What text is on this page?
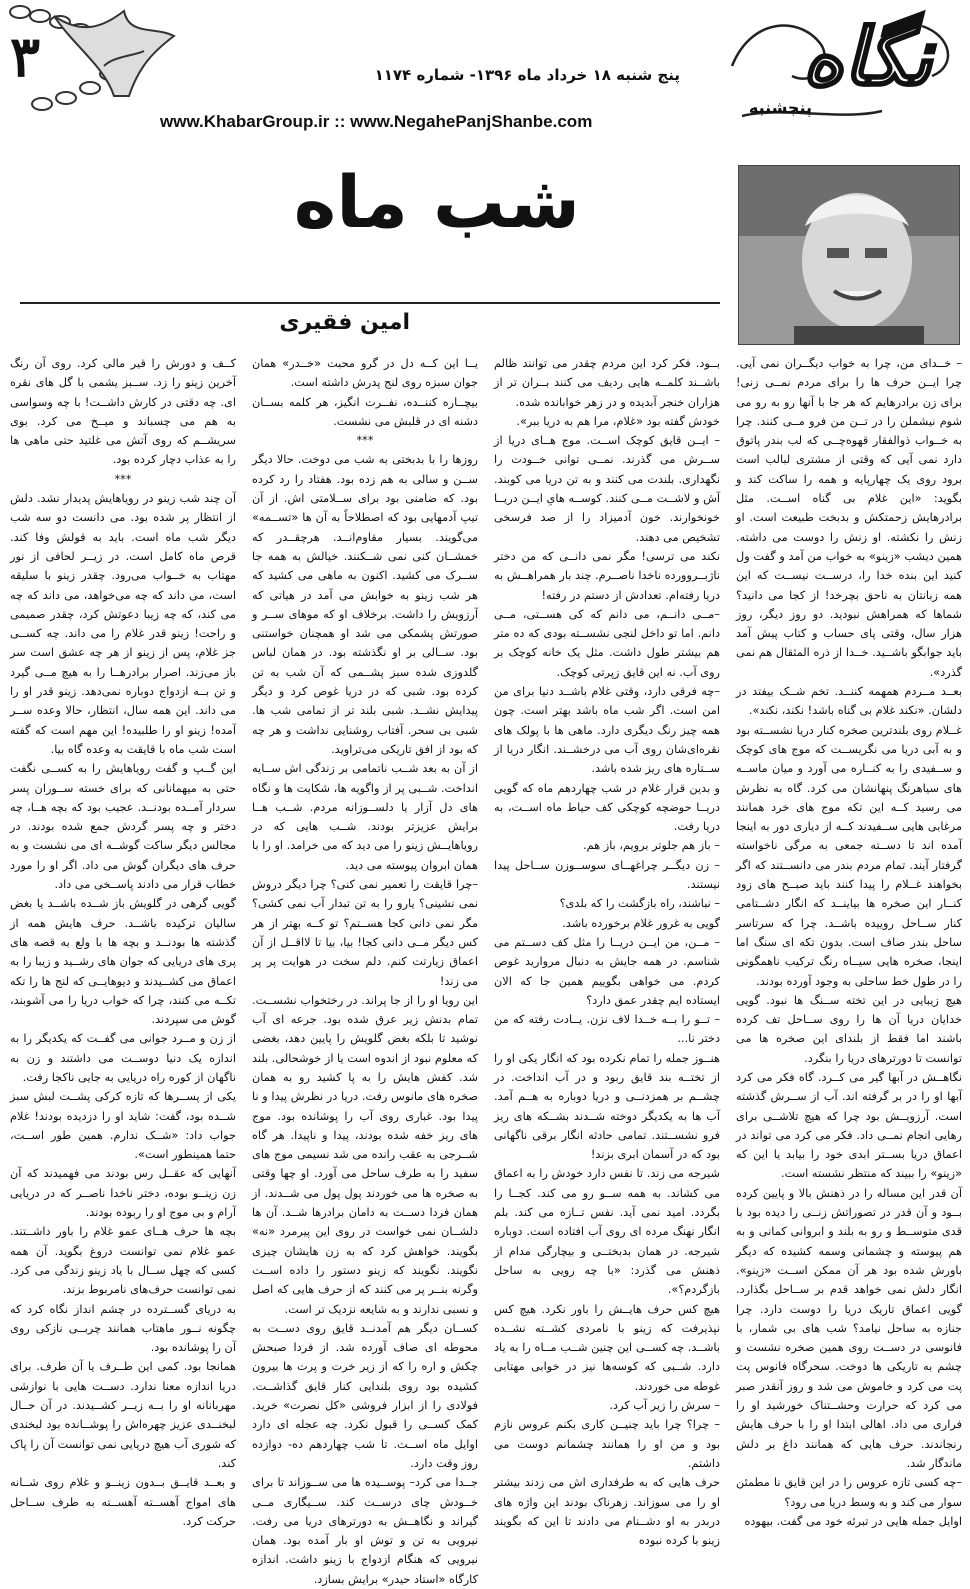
نگاه
پنجشنبه
پنج شنبه ۱۸ خرداد ماه ۱۳۹۶- شماره ۱۱۷۴
www.KhabarGroup.ir :: www.NegahePanjShanbe.com
۳
شب ماه
امین فقیری

– خــدای من، چرا به خواب دیگــران نمی آیی. چرا ایــن حرف ها را برای مردم نمــی زنی! برای زن برادرهایم که هر جا با آنها رو به رو می شوم نیشملن را در تــن من فرو مــی کنند. چرا به خــواب ذوالفقار قهوه‌چــی که لب بندر پاتوق دارد نمی آیی که وقتی از مشتری لبالب است برود روی یک چهارپایه و همه را ساکت کند و بگوید: «این غلام بی گناه اســت. مثل برادرهایش زحمتکش و بدبخت طبیعت است. او زنش را نکشته. او زنش را دوست می داشته. همین دیشب «زینو» به خواب من آمد و گفت ول کنید این بنده خدا را، درســت نیســت که این همه زبانتان به ناحق بچرخد! از کجا می دانید؟ شماها که همراهش نبودید. دو روز دیگر، روز هزار سال، وقتی پای حساب و کتاب پیش آمد باید جوابگو باشــید. خــدا از ذره المثقال هم نمی گذرد».

بعــد مــردم همهمه کننــد. تخم شــک بیفتد در دلشان. «نکند غلام بی گناه باشد! نکند، نکند».

غــلام روی بلندترین صخره کنار دریا نشســته بود و به آبی دریا می نگریســت که موج های کوچک و ســفیدی را به کنــاره می آورد و میان ماســه های سیاهرنگ پنهانشان می کرد. گاه به نظرش می رسید کــه این تکه موج های خرد همانند مرغابی هایی ســفیدند کــه از دیاری دور به اینجا آمده اند تا دســته جمعی به مرگی ناخواسته گرفتار آیند. تمام مردم بندر می دانســتند که اگر بخواهند غــلام را پیدا کنند باید صبــح های زود کنــار این صخره ها بیاینــد که انگار دشــتامی کنار ســاحل روییده باشــد. چرا که سرتاسر ساحل بندر صاف است. بدون تکه ای سنگ اما اینجا، صخره هایی سیــاه رنگ ترکیب ناهمگونی را در طول خط ساحلی به وجود آورده بودند.

هیچ زیبایی در این تخته ســنگ ها نبود. گویی خدایان دریا آن ها را روی ســاحل تف کرده باشند اما فقط از بلندای این صخره ها می توانست تا دورترهای دریا را بنگرد.

نگاهــش در آبها گیر می کــرد. گاه فکر می کرد آبها او را در بر گرفته اند. آب از ســرش گذشته است. آرزویــش بود چرا که هیچ تلاشــی برای رهایی انجام نمــی داد. فکر می کرد می تواند در اعماق دریا بســتر ابدی خود را بیابد یا این که «زینو» را ببیند که منتظر نشسته است.

آن قدر این مساله را در ذهنش بالا و پایین کرده بــود و آن قدر در تصوراتش زنــی را دیده بود با قدی متوســط و رو به بلند و ابروانی کمانی و به هم پیوسته و چشمانی وسمه کشیده که دیگر باورش شده بود هر آن ممکن اســت «زینو». انگار دلش نمی خواهد قدم بر ســاحل بگذارد. گویی اعماق تاریک دریا را دوست دارد. چرا جنازه به ساحل نیامد؟ شب های بی شمار، با فانوسی در دســت روی همین صخره نشست و چشم به تاریکی ها دوخت. سحرگاه فانوس پت پت می کرد و خاموش می شد و روز آنقدر صبر می کرد که حرارت وحشــتناک خورشید او را فراری می داد. اهالی ابتدا او را با حرف هایش رنجاندند. حرف هایی که همانند داغ بر دلش ماندگار شد.

–چه کسی تازه عروس را در این قایق نا مطمئن سوار می کند و به وسط دریا می رود؟

اوایل جمله هایی در تبرئه خود می گفت. بیهوده

بــود. فکر کرد این مردم چقدر می توانند ظالم باشــند کلمــه هایی ردیف می کنند بــران تر از هزاران خنجر آبدیده و در زهر خوابانده شده.

خودش گفته بود «غلام، مرا هم به دریا ببر».

– ایــن قایق کوچک اســت. موج هــای دریا از ســرش می گذرند. نمــی توانی خــودت را نگهداری. بلندت می کنند و به تن دریا می کوبند. آش و لاشــت مــی کنند. کوســه هایِ ایــن دریــا خونخوارند. خون آدمیزاد را از صد فرسخی تشخیص می دهند.

نکند می ترسی! مگر نمی دانــی که من دختر ناژبــروورده ناخدا ناصــرم. چند بار همراهــش به دریا رفته‌ام. تعدادش از دستم در رفته!

–مــی دانــم، می دانم که کی هســتی، مــی دانم. اما تو داخل لنجی نشســته بودی که ده متر هم بیشتر طول داشت. مثل یک خانه کوچک بر روی آب. نه این قایق زپرتی کوچک.

–چه فرقی دارد، وقتی غلام باشــد دنیا برای من امن است. اگر شب ماه باشد بهتر است. چون همه چیز رنگ دیگری دارد. ماهی ها با پولک های نقره‌ای‌شان روی آب می درخشــند. انگار دریا از ســتاره های ریز شده باشد.

و بدین قرار غلام در شب چهاردهم ماه که گویی دریــا حوضچه کوچکی کف حیاط ماه اســت، به دریا رفت.

– باز هم جلوتر برویم، باز هم.

– زن دیگــر چراغهــای سوســوزن ســاحل پیدا نیستند.

– نباشند، راه بازگشت را که بلدی؟

گویی به غرور غلام برخورده باشد.

– مــن، من ایــن دریــا را مثل کف دســتم می شناسم. در همه جایش به دنبال مروارید غوص کردم. می خواهی بگوییم همین جا که الان ایستاده ایم چقدر عمق دارد؟

– تــو را بــه خــدا لاف نزن. یــادت رفته که من دختر نا...

هنــوز جمله را تمام نکرده بود که انگار یکی او را از تختــه بند قایق ربود و در آب انداخت. در چشــم بر همزدنــی و دریا دوباره به هــم آمد. آب ها به یکدیگر دوخته شــدند بشــکه های ریز فرو نشســتند. تمامی حادثه انگار برقی ناگهانی بود که در آسمان ابری بزند!

شیرجه می زند. تا نفس دارد خودش را به اعماق می کشاند. به همه ســو رو می کند. کجــا را بگردد. امید نمی آید. نفس تــازه می کند. بلم انگار نهنگ مرده ای روی آب افتاده است. دوباره شیرجه. در همان بدبختــی و بیچارگی مدام از ذهنش می گذرد: «با چه رویی به ساحل بازگردم؟».

هیچ کس حرف هایــش را باور نکرد. هیچ کس نپذیرفت که زینو با نامردی کشــته نشــده باشــد. چه کســی این چنین شــب مــاه را به یاد دارد. شــبی که کوسه‌ها نیز در خوابی مهتابی غوطه می خوردند.

– سرش را زیر آب کرد.

– چرا؟ چرا باید چنیــن کاری بکنم عروس نازم بود و من او را همانند چشمانم دوست می داشتم.

حرف هایی که به طرفداری اش می زدند بیشتر او را می سوزاند. زهرناک بودند این واژه های دربدر به او دشــنام می دادند تا این که بگویند زینو با کرده نبوده

یــا این کــه دل در گرو محبت «خــدر» همان جوان سبزه روی لنج پدرش داشته است.

بیچــاره کننــده، نفــرت انگیز، هر کلمه بســان دشنه ای در قلبش می نشست.

***

روزها را با بدبختی به شب می دوخت. حالا دیگر ســن و سالی به هم زده بود. هفتاد را رد کرده بود. که ضامنی بود برای ســلامتی اش. از آن تیپ آدمهایی بود که اصطلاحاً به آن ها «تســمه» می‌گویند. بسیار مقاوم‌انــد. هرچقــدر که خمشــان کنی نمی شــکنند. خیالش به همه جا ســرک می کشید. اکنون به ماهی می کشید که هر شب زینو به خوابش می آمد در هیاتی که آرزویش را داشت. برخلاف او که موهای ســر و صورتش پشمکی می شد او همچنان خواستنی بود. ســالی بر او نگذشته بود. در همان لباس گلدوزی شده سبز پشــمی که آن شب به تن کرده بود. شبی که در دریا غوص کرد و دیگر پیدایش نشــد. شبی بلند تر از تمامی شب ها. شبی بی سحر. آفتاب روشنایی نداشت و هر چه که بود از افق تاریکی می‌تراوید.

از آن به بعد شــب ناتمامی بر زندگی اش ســایه انداخت. شــبی پر از واگویه ها، شکایت ها و نگاه های دل آزار یا دلســوزانه مردم. شــب هــا برایش عزیزتر بودند. شــب هایی که در رویاهایــش زینو را می دید که می خرامد. او را با همان ابروان پیوسته می دید.

–چرا قایقت را تعمیر نمی کنی؟ چرا دیگر دروش نمی نشینی؟ یارو را به تن تبدار آب نمی کشی؟ مگر نمی دانی کجا هســتم؟ تو کــه بهتر از هر کس دیگر مــی دانی کجا! بیا، بیا تا لااقــل از آن اعماق زیارتت کنم. دلم سخت در هوایت پر پر می زند!

این رویا او را از جا پراند. در رختخواب نشســت. تمام بدنش زیر عرق شده بود. جرعه ای آب نوشید تا بلکه بغض گلویش را پایین دهد، بغضی که معلوم نبود از اندوه است یا از خوشحالی. بلند شد. کفش هایش را به پا کشید رو به همان صخره های مانوس رفت. دریا در نظرش پیدا و نا پیدا بود. غباری روی آب را پوشانده بود. موج های ریز خفه شده بودند، پیدا و ناپیدا. هر گاه شــرجی به عقب رانده می شد نسیمی موج های سفید را به طرف ساحل می آورد. او چها وقتی به صخره ها می خوردند پول پول می شــدند. از همان فردا دســت به دامان برادرها شــد. آن ها دلشــان نمی خواست در روی این پیرمرد «نه» بگویند. خواهش کرد که به زن هایشان چیزی نگویند. نگویند که زینو دستور را داده اســت وگرنه بنــر پر می کنند که از حرف هایی که اصل و نسبی ندارند و به شایعه نزدیک تر است.

کســان دیگر هم آمدنــد قایق روی دســت به محوطه ای صاف آورده شد. از فردا صبحش چکش و اره را که از زیر خرت و پرت ها بیرون کشیده بود روی بلندایی کنار قایق گذاشــت. فولادی را از ابزار فروشی «کل نصرت» خرید. کمک کســی را قبول نکرد. چه عجله ای دارد اوایل ماه اســت. تا شب چهاردهم ده- دوازده روز وقت دارد.

جــدا می کرد– پوســیده ها می ســوزاند تا برای خــودش چای درســت کند. ســیگاری مــی گیراند و نگاهــش به دورترهای دریا می رفت. نیرویی به تن و توش او بار آمده بود. همان نیرویی که هنگام ازدواج با زینو داشت. اندازه کارگاه «استاد حیدر» برایش بسازد.

کــف و دورش را قیر مالی کرد. روی آن رنگ آخرین زینو را زد. ســبز یشمی با گل های نقره ای. چه دقتی در کارش داشــت! با چه وسواسی به هم می چسباند و میــخ می کرد. بوی سریشــم که روی آتش می غلتید حتی ماهی ها را به عذاب دچار کرده بود.

***

آن چند شب زینو در رویاهایش پدیدار نشد. دلش از انتظار پر شده بود. می دانست دو سه شب دیگر شب ماه است. باید به قولش وفا کند. قرص ماه کامل است. در زیــر لحافی از نور مهتاب به خــواب می‌رود. چقدر زینو با سلیقه است، می داند که چه می‌خواهد، می داند که چه می کند، که چه زیبا دعوتش کرد، چقدر صمیمی و راحت! زینو قدر غلام را می داند. چه کســی جز غلام، پس از زینو از هر چه عشق است سر باز می‌زند. اصرار برادرهــا را به هیچ مــی گیرد و تن بــه ازدواج دوباره نمی‌دهد. زینو قدر او را می داند. این همه سال، انتظار، حالا وعده ســر آمده! زینو او را طلبیده! این مهم است که گفته است شب ماه با قایقت به وعده گاه بیا.

این گــپ و گفت رویاهایش را به کســی نگفت حتی به میهمانانی که برای خسته ســوران پسر سردار آمــده بودنــد. عجیب بود که بچه هــا، چه دختر و چه پسر گردش جمع شده بودند. در مجالس دیگر ساکت گوشــه ای می نشست و به حرف های دیگران گوش می داد. اگر او را مورد خطاب قرار می دادند پاســخی می داد.

گویی گرهی در گلویش باز شــده باشــد یا بغض سالیان ترکیده باشــد. حرف هایش همه از گذشته ها بودنــد و بچه ها با ولع به قصه های پری های دریایی که جوان های رشــید و زیبا را به اعماق می کشــیدند و دیوهایــی که لنج ها را تکه تکــه می کنند، چرا که خواب دریا را می آشوبند، گوش می سپردند.

از زن و مــرد جوانی می گفــت که یکدیگر را به اندازه یک دنیا دوســت می داشتند و زن به ناگهان از کوره راه دریایی به جایی ناکجا رفت.

یکی از پســرها که تازه کرکی پشــت لبش سبز شــده بود، گفت: شاید او را دزدیده بودند! غلام جواب داد: «شــک ندارم. همین طور اســت، حتما همینطور است».

آنهایی که عقــل رس بودند می فهمیدند که آن زن زینــو بوده، دختر ناخدا ناصــر که در دریایی آرام و بی موج او را ربوده بودند.

بچه ها حرف هــای عمو غلام را باور داشــتند. عمو غلام نمی توانست دروغ بگوید. آن همه کسی که چهل ســال با یاد زینو زندگی می کرد. نمی توانست حرف‌های نامربوط بزند.

به دریای گســترده در چشم انداز نگاه کرد که چگونه نــور ماهتاب همانند چربــی نازکی روی آن را پوشانده بود.

همانجا بود. کمی این طــرف یا آن طرف. برای دریا اندازه معنا ندارد. دســت هایی با نوازشی مهربانانه او را بــه زیــر کشــیدند. در آن حــال لبخنــدی عزیز چهره‌اش را پوشــانده بود لبخندی که شوری آب هیچ دریایی نمی توانست آن را پاک کند.

و بعــد قایــق بــدون زینــو و غلام روی شــانه های امواج آهســته آهســته به طرف ســاحل حرکت کرد.
